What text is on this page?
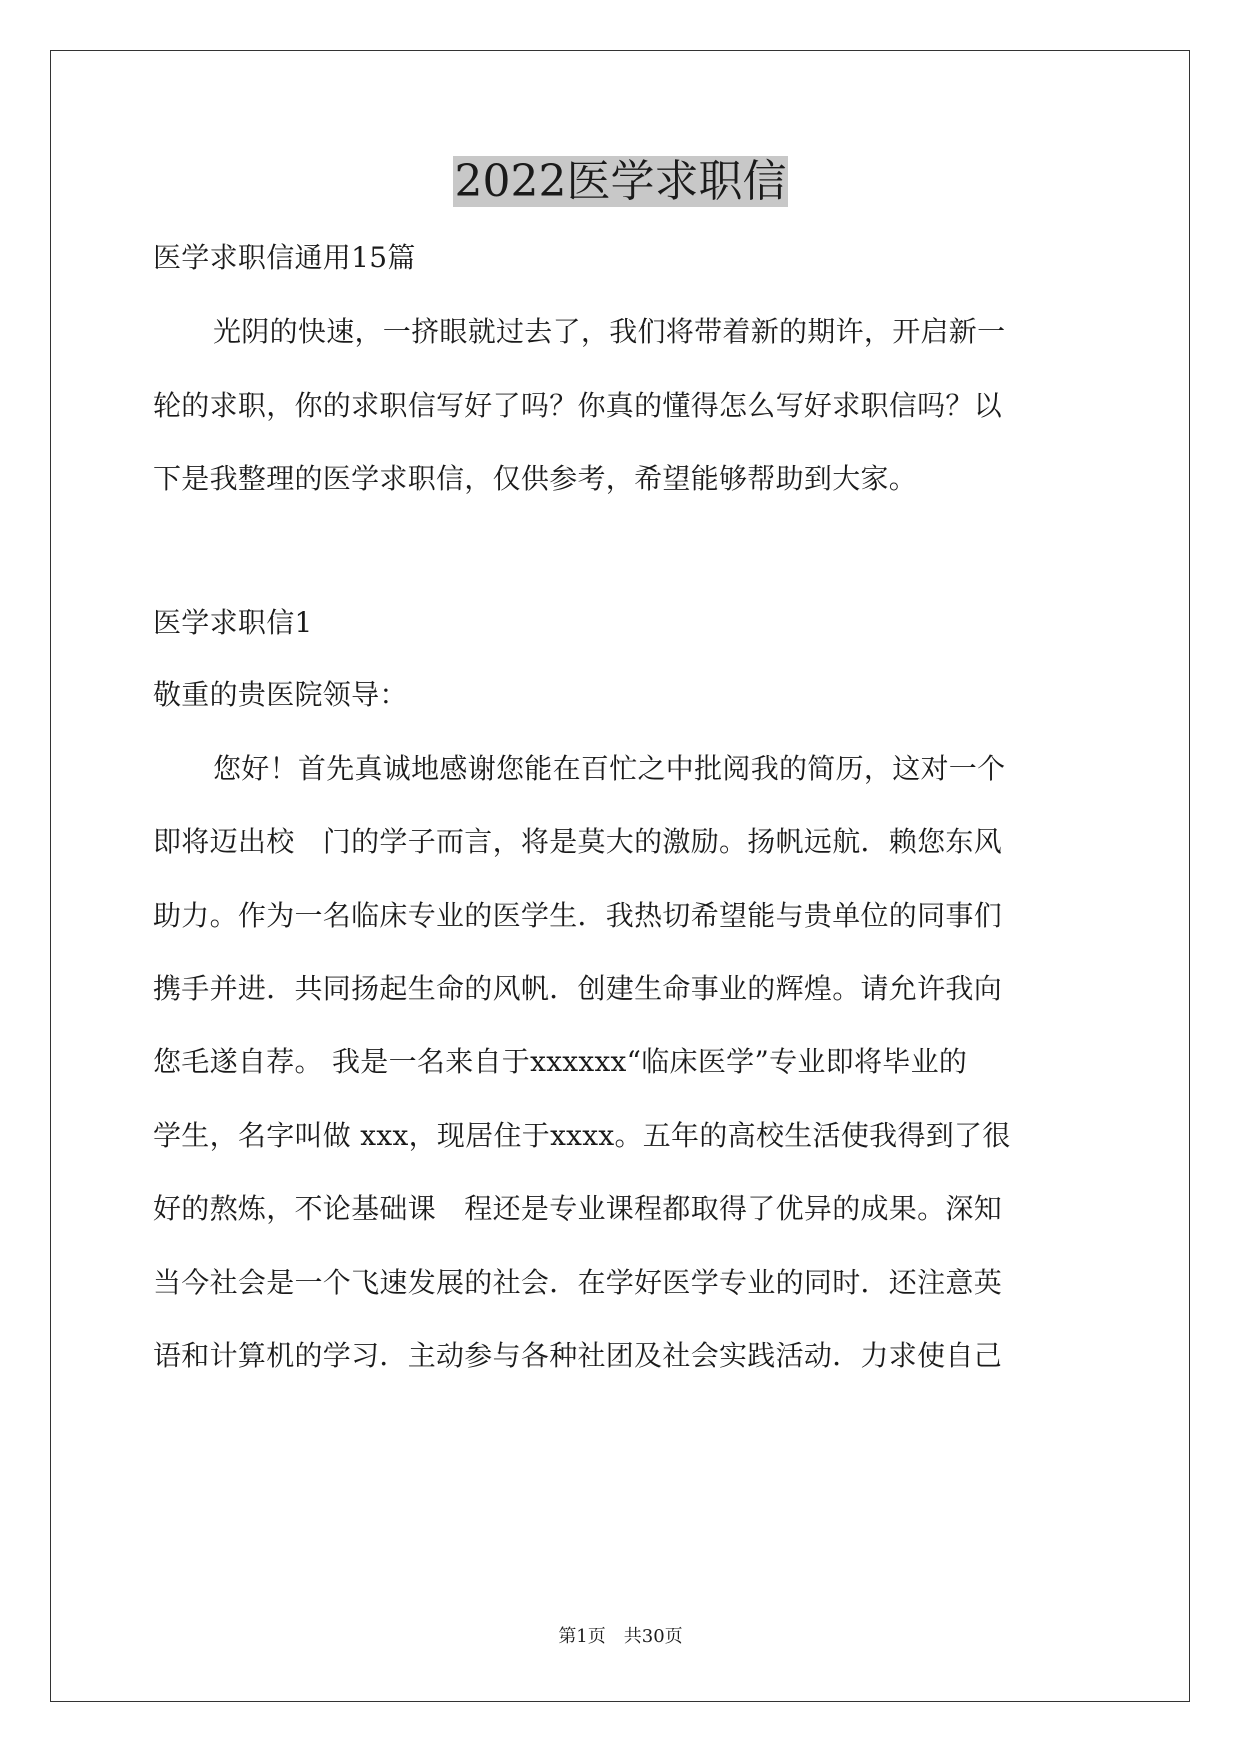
2022医学求职信
医学求职信通用15篇
光阴的快速，一挤眼就过去了，我们将带着新的期许，开启新一
轮的求职，你的求职信写好了吗？你真的懂得怎么写好求职信吗？以
下是我整理的医学求职信，仅供参考，希望能够帮助到大家。
医学求职信1
敬重的贵医院领导：
您好！首先真诚地感谢您能在百忙之中批阅我的简历，这对一个
即将迈出校　门的学子而言，将是莫大的激励。扬帆远航．赖您东风
助力。作为一名临床专业的医学生．我热切希望能与贵单位的同事们
携手并进．共同扬起生命的风帆．创建生命事业的辉煌。请允许我向
您毛遂自荐。 我是一名来自于xxxxxx“临床医学”专业即将毕业的
学生，名字叫做 xxx，现居住于xxxx。五年的高校生活使我得到了很
好的熬炼，不论基础课　程还是专业课程都取得了优异的成果。深知
当今社会是一个飞速发展的社会．在学好医学专业的同时．还注意英
语和计算机的学习．主动参与各种社团及社会实践活动．力求使自己
第1页　共30页
